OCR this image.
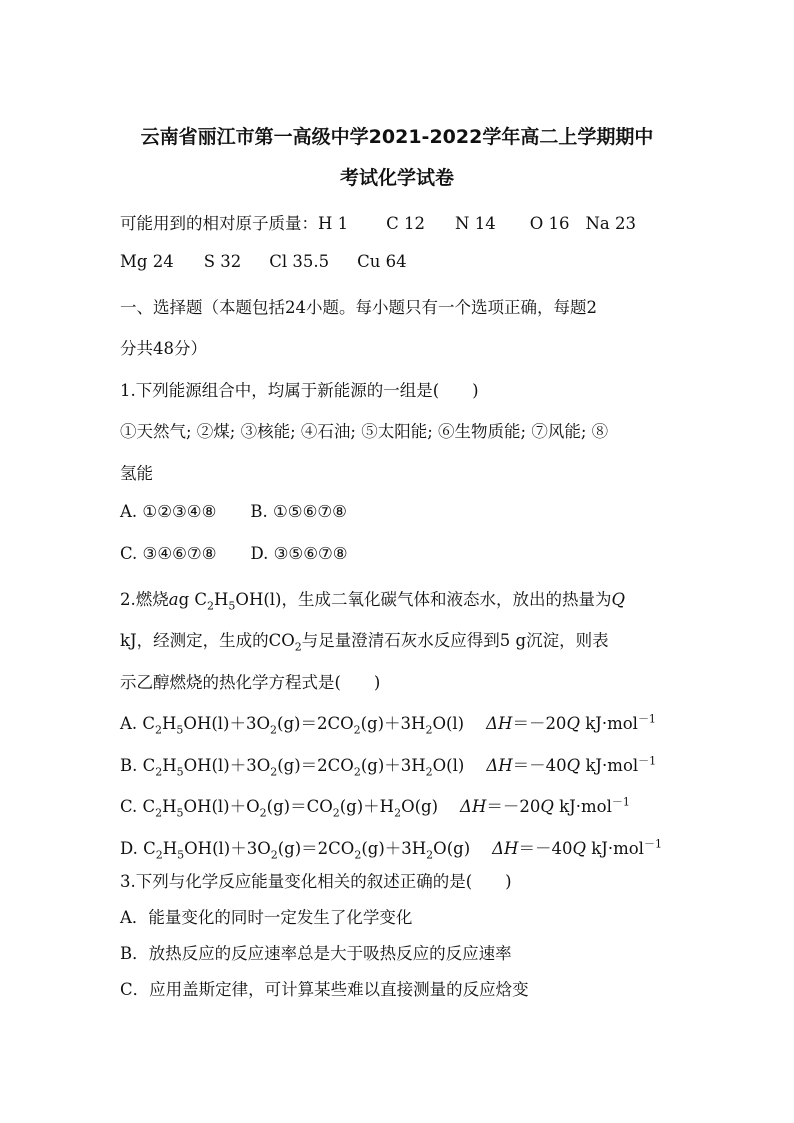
云南省丽江市第一高级中学2021-2022学年高二上学期期中
考试化学试卷
可能用到的相对原子质量：H 1 C 12 N 14 O 16 Na 23
Mg 24 S 32 Cl 35.5 Cu 64
一、选择题（本题包括24小题。每小题只有一个选项正确，每题2
分共48分）
1.下列能源组合中，均属于新能源的一组是(　　)
①天然气; ②煤; ③核能; ④石油; ⑤太阳能; ⑥生物质能; ⑦风能; ⑧
氢能
A. ①②③④⑧ B. ①⑤⑥⑦⑧
C. ③④⑥⑦⑧ D. ③⑤⑥⑦⑧
2.燃烧ag $C_2H_5OH(l)$，生成二氧化碳气体和液态水，放出的热量为Q
kJ，经测定，生成的$CO_2$与足量澄清石灰水反应得到5 g沉淀，则表
示乙醇燃烧的热化学方程式是(　　)
A. $C_2H_5OH(l)+3O_2(g)=2CO_2(g)+3H_2O(l)$ ΔH＝－20Q kJ·mol$^{-1}$
B. $C_2H_5OH(l)+3O_2(g)=2CO_2(g)+3H_2O(l)$ ΔH＝－40Q kJ·mol$^{-1}$
C. $C_2H_5OH(l)+O_2(g)=CO_2(g)+H_2O(g)$ ΔH＝－20Q kJ·mol$^{-1}$
D. $C_2H_5OH(l)+3O_2(g)=2CO_2(g)+3H_2O(g)$ ΔH＝－40Q kJ·mol$^{-1}$
3.下列与化学反应能量变化相关的叙述正确的是(　　)
A．能量变化的同时一定发生了化学变化
B．放热反应的反应速率总是大于吸热反应的反应速率
C．应用盖斯定律，可计算某些难以直接测量的反应焓变
